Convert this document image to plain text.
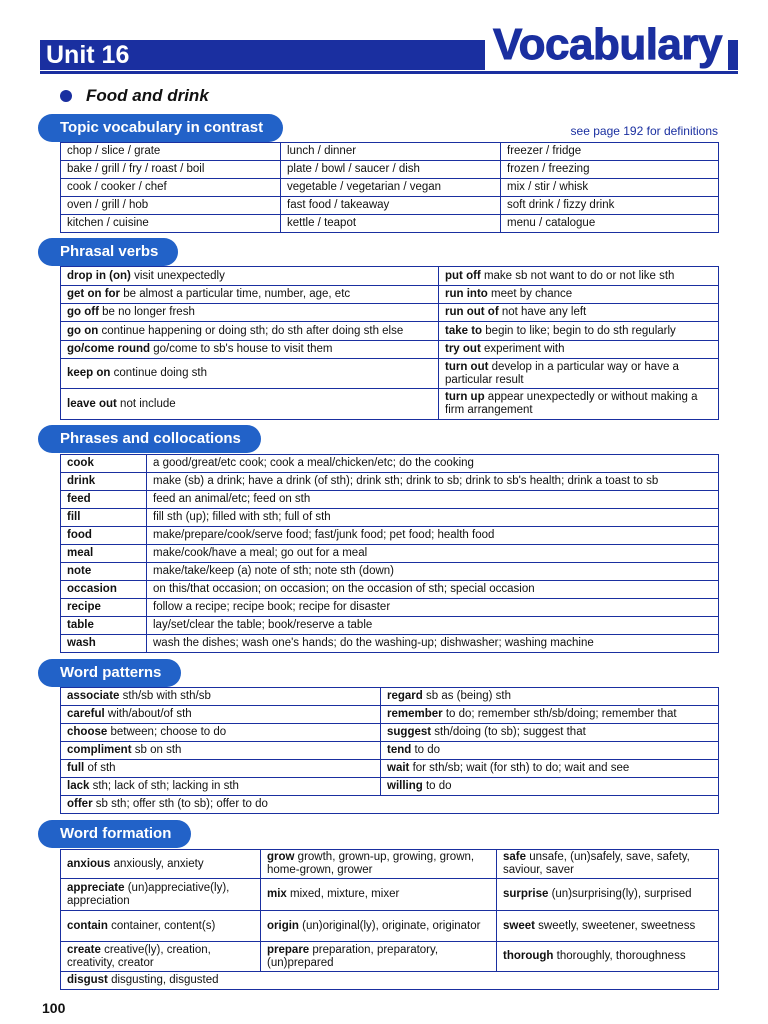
Unit 16	Vocabulary
Food and drink
Topic vocabulary in contrast	see page 192 for definitions
chop / slice / grate	lunch / dinner	freezer / fridge
bake / grill / fry / roast / boil	plate / bowl / saucer / dish	frozen / freezing
cook / cooker / chef	vegetable / vegetarian / vegan	mix / stir / whisk
oven / grill / hob	fast food / takeaway	soft drink / fizzy drink
kitchen / cuisine	kettle / teapot	menu / catalogue
Phrasal verbs
drop in (on) visit unexpectedly	put off make sb not want to do or not like sth
get on for be almost a particular time, number, age, etc	run into meet by chance
go off be no longer fresh	run out of not have any left
go on continue happening or doing sth; do sth after doing sth else	take to begin to like; begin to do sth regularly
go/come round go/come to sb's house to visit them	try out experiment with
keep on continue doing sth	turn out develop in a particular way or have a particular result
leave out not include	turn up appear unexpectedly or without making a firm arrangement
Phrases and collocations
cook	a good/great/etc cook; cook a meal/chicken/etc; do the cooking
drink	make (sb) a drink; have a drink (of sth); drink sth; drink to sb; drink to sb's health; drink a toast to sb
feed	feed an animal/etc; feed on sth
fill	fill sth (up); filled with sth; full of sth
food	make/prepare/cook/serve food; fast/junk food; pet food; health food
meal	make/cook/have a meal; go out for a meal
note	make/take/keep (a) note of sth; note sth (down)
occasion	on this/that occasion; on occasion; on the occasion of sth; special occasion
recipe	follow a recipe; recipe book; recipe for disaster
table	lay/set/clear the table; book/reserve a table
wash	wash the dishes; wash one's hands; do the washing-up; dishwasher; washing machine
Word patterns
associate sth/sb with sth/sb	regard sb as (being) sth
careful with/about/of sth	remember to do; remember sth/sb/doing; remember that
choose between; choose to do	suggest sth/doing (to sb); suggest that
compliment sb on sth	tend to do
full of sth	wait for sth/sb; wait (for sth) to do; wait and see
lack sth; lack of sth; lacking in sth	willing to do
offer sb sth; offer sth (to sb); offer to do	
Word formation
anxious anxiously, anxiety	grow growth, grown-up, growing, grown, home-grown, grower	safe unsafe, (un)safely, save, safety, saviour, saver
appreciate (un)appreciative(ly), appreciation	mix mixed, mixture, mixer	surprise (un)surprising(ly), surprised
contain container, content(s)	origin (un)original(ly), originate, originator	sweet sweetly, sweetener, sweetness
create creative(ly), creation, creativity, creator	prepare preparation, preparatory, (un)prepared	thorough thoroughly, thoroughness
disgust disgusting, disgusted		
100
